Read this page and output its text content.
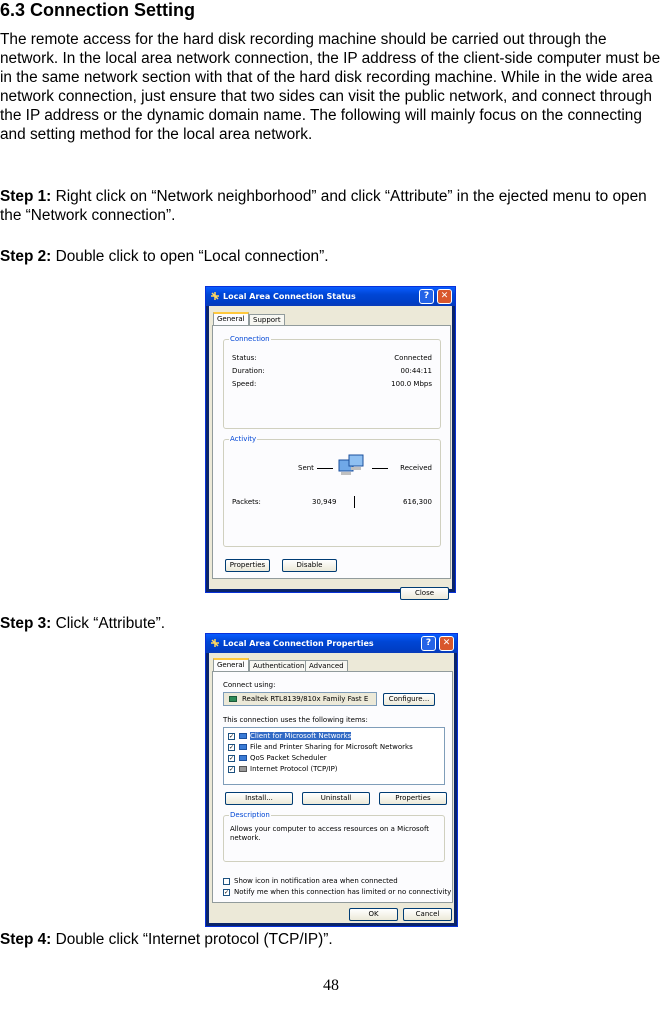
6.3 Connection Setting

The remote access for the hard disk recording machine should be carried out through the network. In the local area network connection, the IP address of the client-side computer must be in the same network section with that of the hard disk recording machine. While in the wide area network connection, just ensure that two sides can visit the public network, and connect through the IP address or the dynamic domain name. The following will mainly focus on the connecting and setting method for the local area network.

Step 1: Right click on “Network neighborhood” and click “Attribute” in the ejected menu to open the “Network connection”.

Step 2: Double click to open “Local connection”.

Local Area Connection Status	?	✕
General	Support
Connection
Status:	Connected
Duration:	00:44:11
Speed:	100.0 Mbps
Activity
Sent	Received
Packets:	30,949	616,300
Properties	Disable
Close

Step 3: Click “Attribute”.

Local Area Connection Properties	?	✕
General	Authentication Advanced
Connect using:
Realtek RTL8139/810x Family Fast E	Configure...
This connection uses the following items:
✓ Client for Microsoft Networks
✓ File and Printer Sharing for Microsoft Networks
✓ QoS Packet Scheduler
✓ Internet Protocol (TCP/IP)
Install...	Uninstall	Properties
Description
Allows your computer to access resources on a Microsoft network.
Show icon in notification area when connected
✓ Notify me when this connection has limited or no connectivity
OK	Cancel

Step 4: Double click “Internet protocol (TCP/IP)”.

48
